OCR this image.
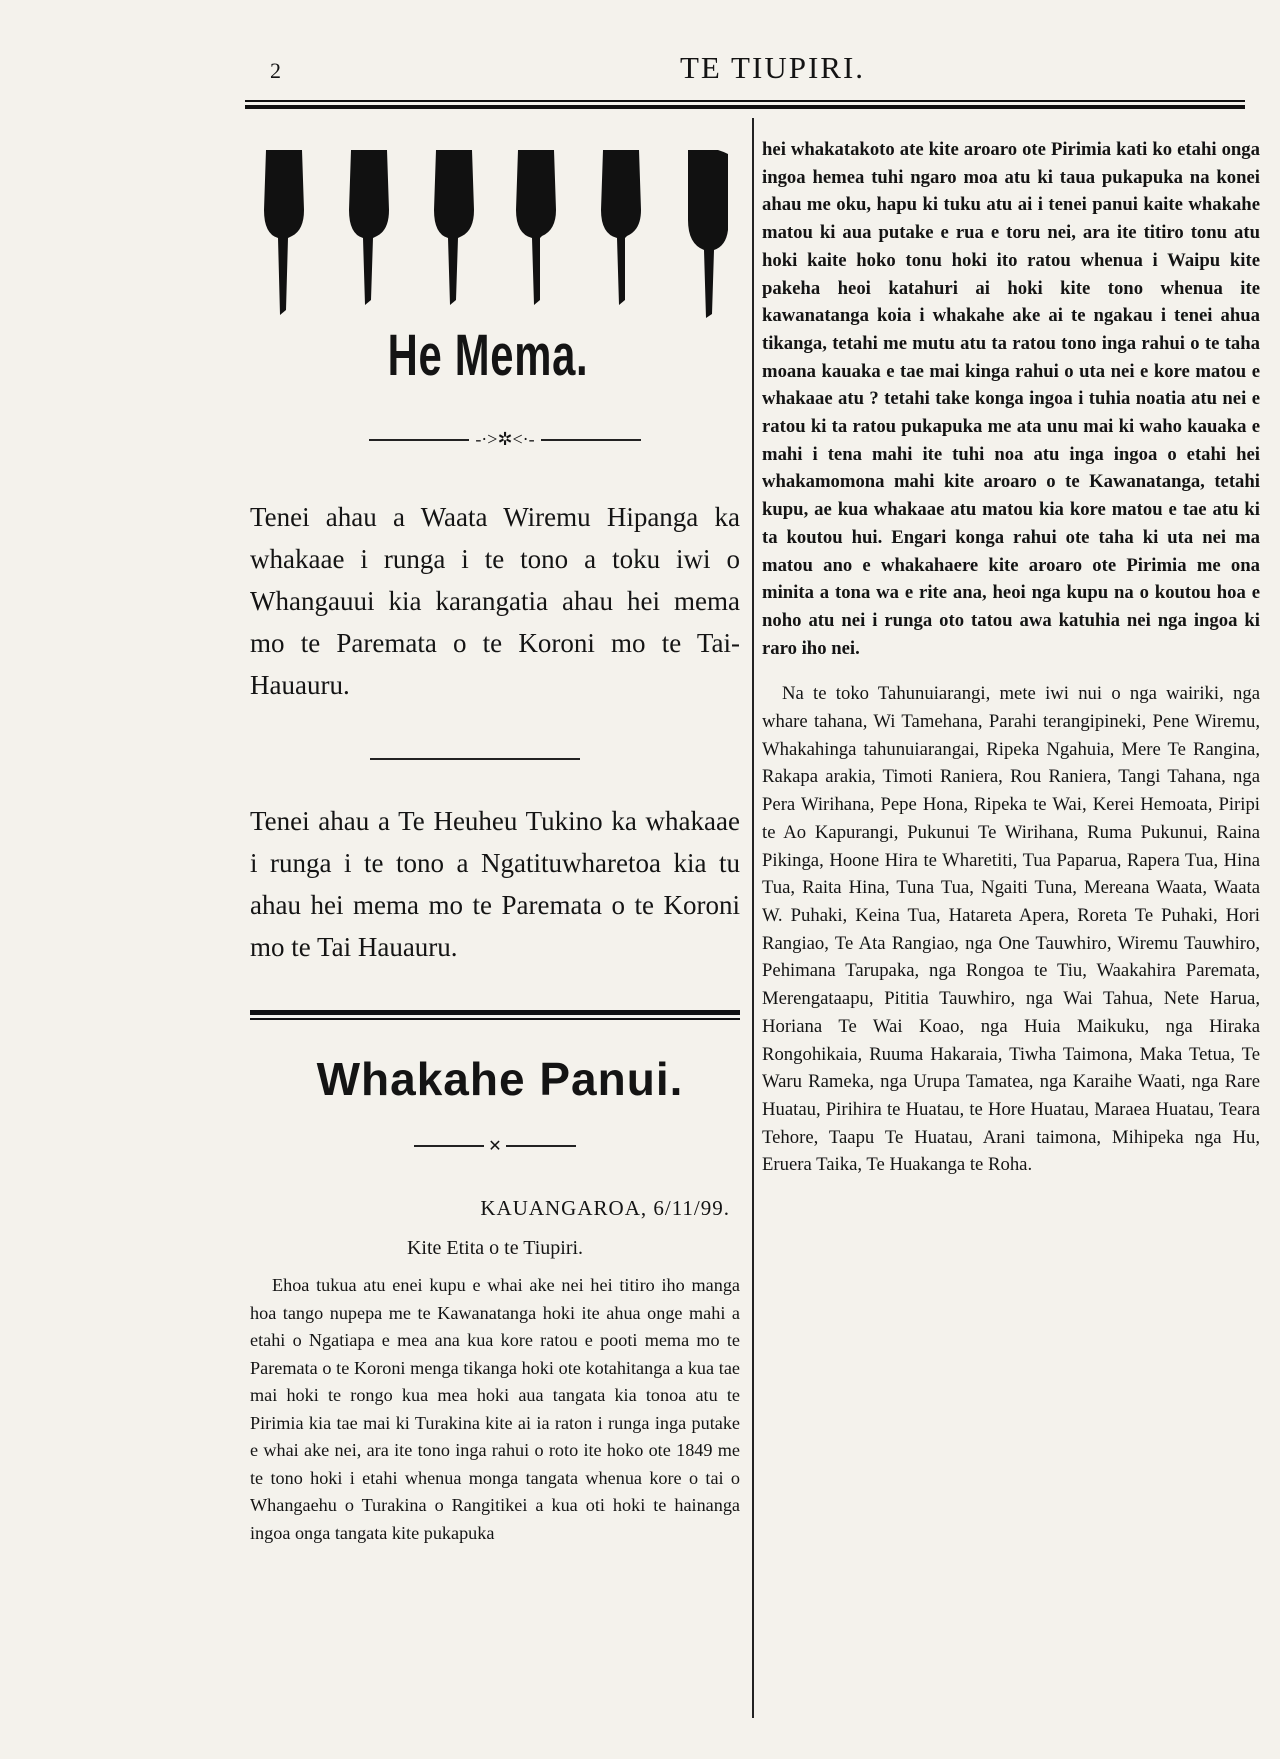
2	TE TIUPIRI.
He Mema.
-·>✲<·-
Tenei ahau a Waata Wiremu Hipanga ka whakaae i runga i te tono a toku iwi o Whangauui kia karangatia ahau hei mema mo te Paremata o te Koroni mo te Tai-Hauauru.
Tenei ahau a Te Heuheu Tukino ka whakaae i runga i te tono a Ngatituwharetoa kia tu ahau hei mema mo te Paremata o te Koroni mo te Tai Hauauru.
Whakahe Panui.
✕
KAUANGAROA, 6/11/99.
Kite Etita o te Tiupiri.
Ehoa tukua atu enei kupu e whai ake nei hei titiro iho manga hoa tango nupepa me te Kawanatanga hoki ite ahua onge mahi a etahi o Ngatiapa e mea ana kua kore ratou e pooti mema mo te Paremata o te Koroni menga tikanga hoki ote kotahitanga a kua tae mai hoki te rongo kua mea hoki aua tangata kia tonoa atu te Pirimia kia tae mai ki Turakina kite ai ia raton i runga inga putake e whai ake nei, ara ite tono inga rahui o roto ite hoko ote 1849 me te tono hoki i etahi whenua monga tangata whenua kore o tai o Whangaehu o Turakina o Rangitikei a kua oti hoki te hainanga ingoa onga tangata kite pukapuka

hei whakatakoto ate kite aroaro ote Pirimia kati ko etahi onga ingoa hemea tuhi ngaro moa atu ki taua pukapuka na konei ahau me oku, hapu ki tuku atu ai i tenei panui kaite whakahe matou ki aua putake e rua e toru nei, ara ite titiro tonu atu hoki kaite hoko tonu hoki ito ratou whenua i Waipu kite pakeha heoi katahuri ai hoki kite tono whenua ite kawanatanga koia i whakahe ake ai te ngakau i tenei ahua tikanga, tetahi me mutu atu ta ratou tono inga rahui o te taha moana kauaka e tae mai kinga rahui o uta nei e kore matou e whakaae atu ? tetahi take konga ingoa i tuhia noatia atu nei e ratou ki ta ratou pukapuka me ata unu mai ki waho kauaka e mahi i tena mahi ite tuhi noa atu inga ingoa o etahi hei whakamomona mahi kite aroaro o te Kawanatanga, tetahi kupu, ae kua whakaae atu matou kia kore matou e tae atu ki ta koutou hui. Engari konga rahui ote taha ki uta nei ma matou ano e whakahaere kite aroaro ote Pirimia me ona minita a tona wa e rite ana, heoi nga kupu na o koutou hoa e noho atu nei i runga oto tatou awa katuhia nei nga ingoa ki raro iho nei.

Na te toko Tahunuiarangi, mete iwi nui o nga wairiki, nga whare tahana, Wi Tamehana, Parahi terangipineki, Pene Wiremu, Whakahinga tahunuiarangai, Ripeka Ngahuia, Mere Te Rangina, Rakapa arakia, Timoti Raniera, Rou Raniera, Tangi Tahana, nga Pera Wirihana, Pepe Hona, Ripeka te Wai, Kerei Hemoata, Piripi te Ao Kapurangi, Pukunui Te Wirihana, Ruma Pukunui, Raina Pikinga, Hoone Hira te Wharetiti, Tua Paparua, Rapera Tua, Hina Tua, Raita Hina, Tuna Tua, Ngaiti Tuna, Mereana Waata, Waata W. Puhaki, Keina Tua, Hatareta Apera, Roreta Te Puhaki, Hori Rangiao, Te Ata Rangiao, nga One Tauwhiro, Wiremu Tauwhiro, Pehimana Tarupaka, nga Rongoa te Tiu, Waakahira Paremata, Merengataapu, Pititia Tauwhiro, nga Wai Tahua, Nete Harua, Horiana Te Wai Koao, nga Huia Maikuku, nga Hiraka Rongohikaia, Ruuma Hakaraia, Tiwha Taimona, Maka Tetua, Te Waru Rameka, nga Urupa Tamatea, nga Karaihe Waati, nga Rare Huatau, Pirihira te Huatau, te Hore Huatau, Maraea Huatau, Teara Tehore, Taapu Te Huatau, Arani taimona, Mihipeka nga Hu, Eruera Taika, Te Huakanga te Roha.
